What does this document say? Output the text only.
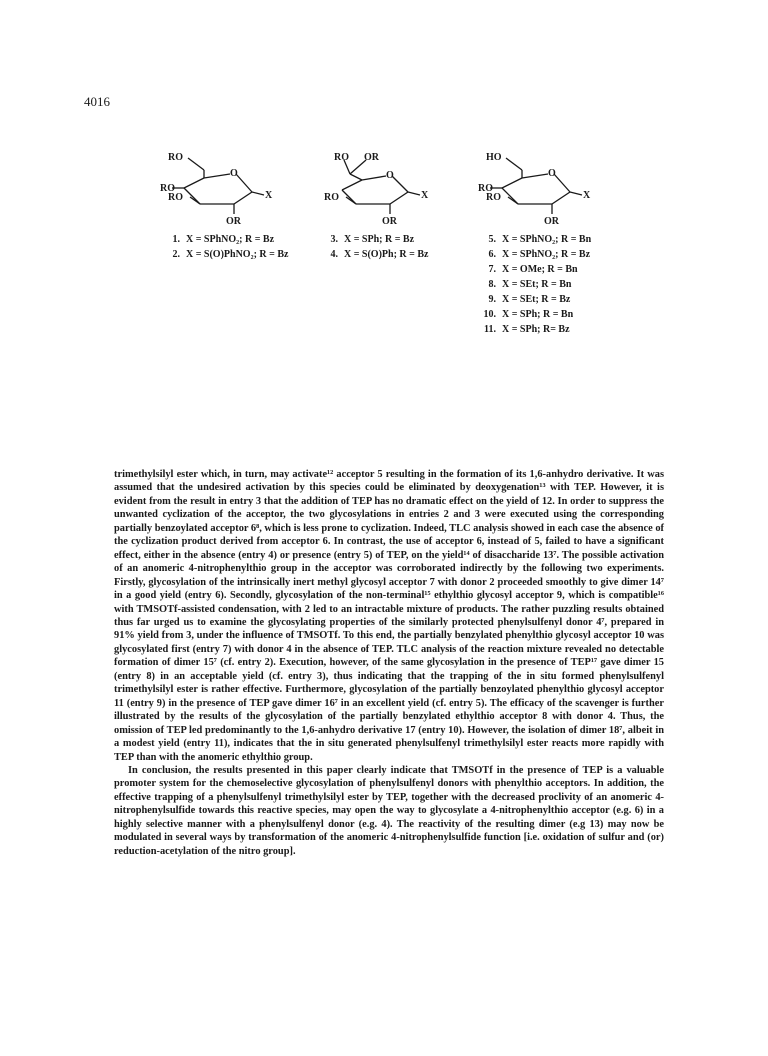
4016
RO
O
RO
RO
OR
X
RO OR
O
RO
OR
X
HO
O
RO
RO
OR
X
1. X = SPhNO₂; R = Bz
2. X = S(O)PhNO₂; R = Bz
3. X = SPh; R = Bz
4. X = S(O)Ph; R = Bz
5. X = SPhNO₂; R = Bn
6. X = SPhNO₂; R = Bz
7. X = OMe; R = Bn
8. X = SEt; R = Bn
9. X = SEt; R = Bz
10. X = SPh; R = Bn
11. X = SPh; R= Bz

trimethylsilyl ester which, in turn, may activate¹² acceptor 5 resulting in the formation of its 1,6-anhydro derivative. It was assumed that the undesired activation by this species could be eliminated by deoxygenation¹³ with TEP. However, it is evident from the result in entry 3 that the addition of TEP has no dramatic effect on the yield of 12. In order to suppress the unwanted cyclization of the acceptor, the two glycosylations in entries 2 and 3 were executed using the corresponding partially benzoylated acceptor 6⁸, which is less prone to cyclization. Indeed, TLC analysis showed in each case the absence of the cyclization product derived from acceptor 6. In contrast, the use of acceptor 6, instead of 5, failed to have a significant effect, either in the absence (entry 4) or presence (entry 5) of TEP, on the yield¹⁴ of disaccharide 13⁷. The possible activation of an anomeric 4-nitrophenylthio group in the acceptor was corroborated indirectly by the following two experiments. Firstly, glycosylation of the intrinsically inert methyl glycosyl acceptor 7 with donor 2 proceeded smoothly to give dimer 14⁷ in a good yield (entry 6). Secondly, glycosylation of the non-terminal¹⁵ ethylthio glycosyl acceptor 9, which is compatible¹⁶ with TMSOTf-assisted condensation, with 2 led to an intractable mixture of products. The rather puzzling results obtained thus far urged us to examine the glycosylating properties of the similarly protected phenylsulfenyl donor 4⁷, prepared in 91% yield from 3, under the influence of TMSOTf. To this end, the partially benzylated phenylthio glycosyl acceptor 10 was glycosylated first (entry 7) with donor 4 in the absence of TEP. TLC analysis of the reaction mixture revealed no detectable formation of dimer 15⁷ (cf. entry 2). Execution, however, of the same glycosylation in the presence of TEP¹⁷ gave dimer 15 (entry 8) in an acceptable yield (cf. entry 3), thus indicating that the trapping of the in situ formed phenylsulfenyl trimethylsilyl ester is rather effective. Furthermore, glycosylation of the partially benzoylated phenylthio glycosyl acceptor 11 (entry 9) in the presence of TEP gave dimer 16⁷ in an excellent yield (cf. entry 5). The efficacy of the scavenger is further illustrated by the results of the glycosylation of the partially benzylated ethylthio acceptor 8 with donor 4. Thus, the omission of TEP led predominantly to the 1,6-anhydro derivative 17 (entry 10). However, the isolation of dimer 18⁷, albeit in a modest yield (entry 11), indicates that the in situ generated phenylsulfenyl trimethylsilyl ester reacts more rapidly with TEP than with the anomeric ethylthio group.

In conclusion, the results presented in this paper clearly indicate that TMSOTf in the presence of TEP is a valuable promoter system for the chemoselective glycosylation of phenylsulfenyl donors with phenylthio acceptors. In addition, the effective trapping of a phenylsulfenyl trimethylsilyl ester by TEP, together with the decreased proclivity of an anomeric 4-nitrophenylsulfide towards this reactive species, may open the way to glycosylate a 4-nitrophenylthio acceptor (e.g. 6) in a highly selective manner with a phenylsulfenyl donor (e.g. 4). The reactivity of the resulting dimer (e.g 13) may now be modulated in several ways by transformation of the anomeric 4-nitrophenylsulfide function [i.e. oxidation of sulfur and (or) reduction-acetylation of the nitro group].
